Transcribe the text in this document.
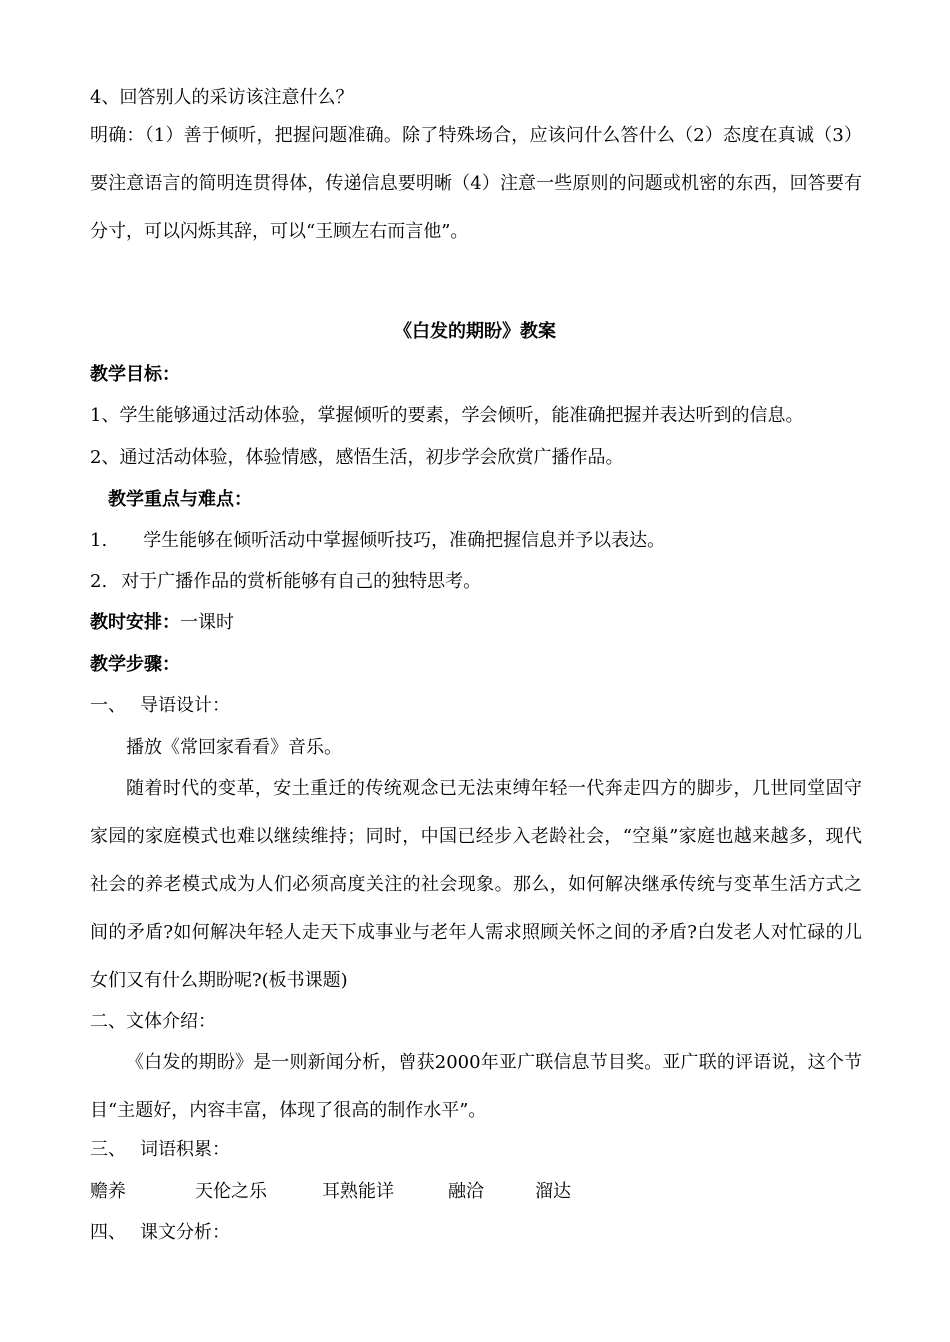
4、回答别人的采访该注意什么？
明确：（1）善于倾听，把握问题准确。除了特殊场合，应该问什么答什么（2）态度在真诚（3）要注意语言的简明连贯得体，传递信息要明晰（4）注意一些原则的问题或机密的东西，回答要有分寸，可以闪烁其辞，可以“王顾左右而言他”。
《白发的期盼》教案
教学目标：
1、学生能够通过活动体验，掌握倾听的要素，学会倾听，能准确把握并表达听到的信息。
2、通过活动体验，体验情感，感悟生活，初步学会欣赏广播作品。
教学重点与难点：
1. 学生能够在倾听活动中掌握倾听技巧，准确把握信息并予以表达。
2. 对于广播作品的赏析能够有自己的独特思考。
教时安排：一课时
教学步骤：
一、 导语设计：
播放《常回家看看》音乐。
随着时代的变革，安土重迁的传统观念已无法束缚年轻一代奔走四方的脚步，几世同堂固守家园的家庭模式也难以继续维持；同时，中国已经步入老龄社会，“空巢”家庭也越来越多，现代社会的养老模式成为人们必须高度关注的社会现象。那么，如何解决继承传统与变革生活方式之间的矛盾?如何解决年轻人走天下成事业与老年人需求照顾关怀之间的矛盾?白发老人对忙碌的儿女们又有什么期盼呢?(板书课题)
二、文体介绍：
《白发的期盼》是一则新闻分析，曾获2000年亚广联信息节目奖。亚广联的评语说，这个节目“主题好，内容丰富，体现了很高的制作水平”。
三、 词语积累：
赡养	天伦之乐	耳熟能详	融洽	溜达
四、 课文分析：
